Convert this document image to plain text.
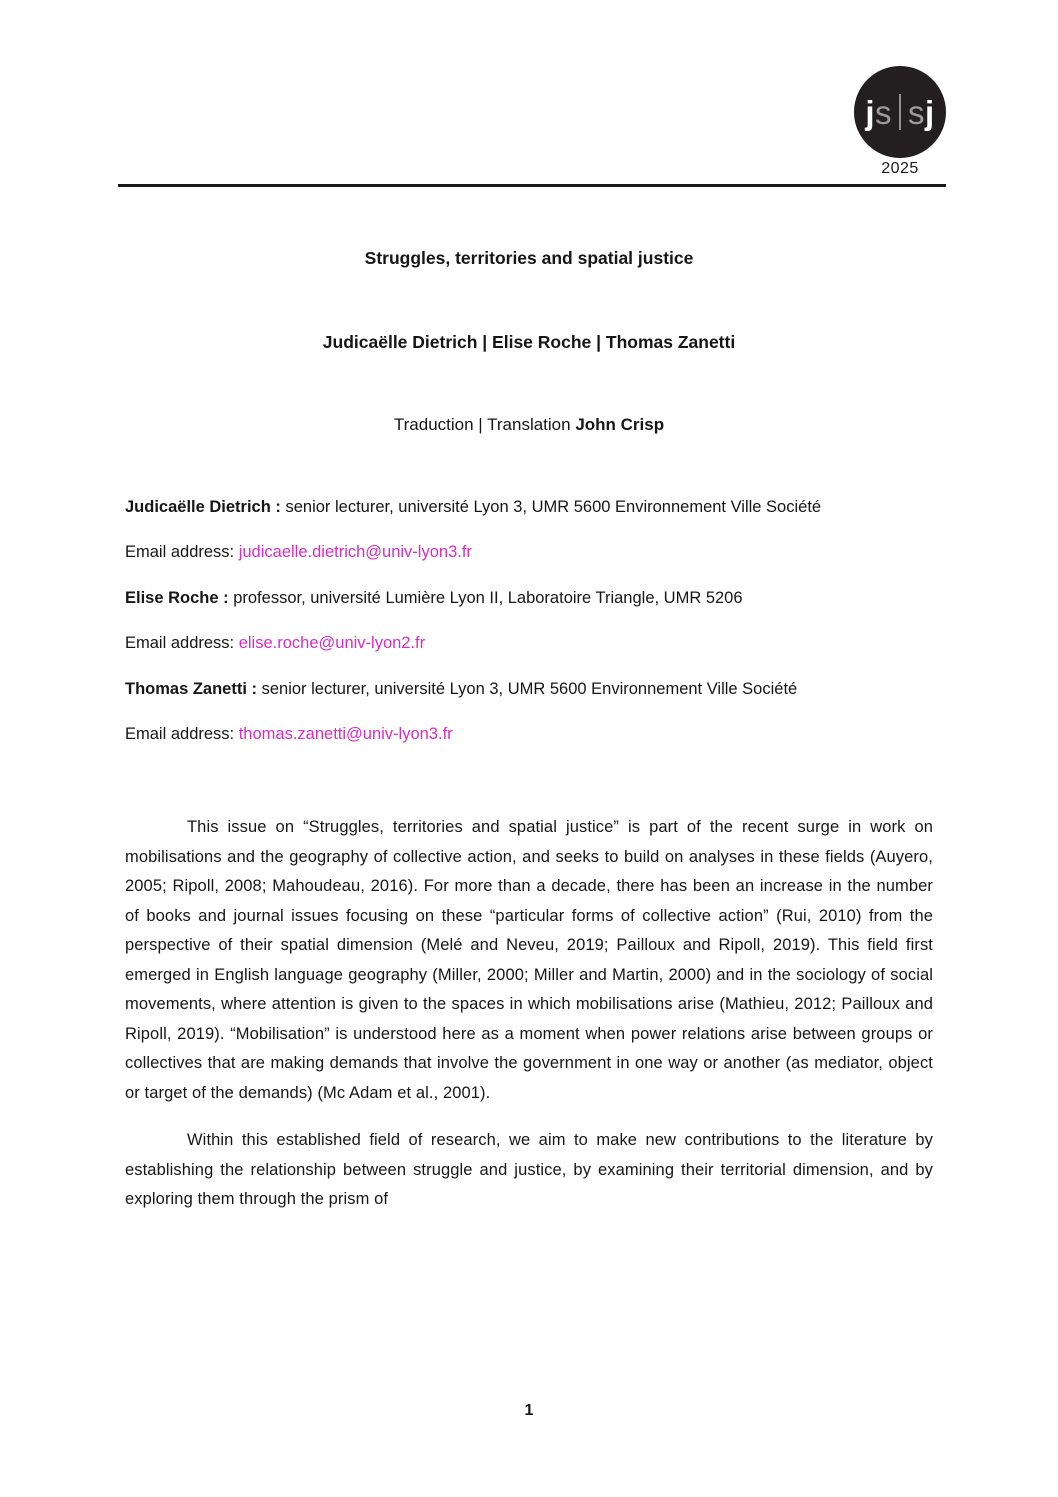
js sj
2025
Struggles, territories and spatial justice
Judicaëlle Dietrich | Elise Roche | Thomas Zanetti
Traduction | Translation John Crisp
Judicaëlle Dietrich : senior lecturer, université Lyon 3, UMR 5600 Environnement Ville Société
Email address: judicaelle.dietrich@univ-lyon3.fr
Elise Roche : professor, université Lumière Lyon II, Laboratoire Triangle, UMR 5206
Email address: elise.roche@univ-lyon2.fr
Thomas Zanetti : senior lecturer, université Lyon 3, UMR 5600 Environnement Ville Société
Email address: thomas.zanetti@univ-lyon3.fr
This issue on “Struggles, territories and spatial justice” is part of the recent surge in work on mobilisations and the geography of collective action, and seeks to build on analyses in these fields (Auyero, 2005; Ripoll, 2008; Mahoudeau, 2016). For more than a decade, there has been an increase in the number of books and journal issues focusing on these “particular forms of collective action” (Rui, 2010) from the perspective of their spatial dimension (Melé and Neveu, 2019; Pailloux and Ripoll, 2019). This field first emerged in English language geography (Miller, 2000; Miller and Martin, 2000) and in the sociology of social movements, where attention is given to the spaces in which mobilisations arise (Mathieu, 2012; Pailloux and Ripoll, 2019). “Mobilisation” is understood here as a moment when power relations arise between groups or collectives that are making demands that involve the government in one way or another (as mediator, object or target of the demands) (Mc Adam et al., 2001).
Within this established field of research, we aim to make new contributions to the literature by establishing the relationship between struggle and justice, by examining their territorial dimension, and by exploring them through the prism of
1
